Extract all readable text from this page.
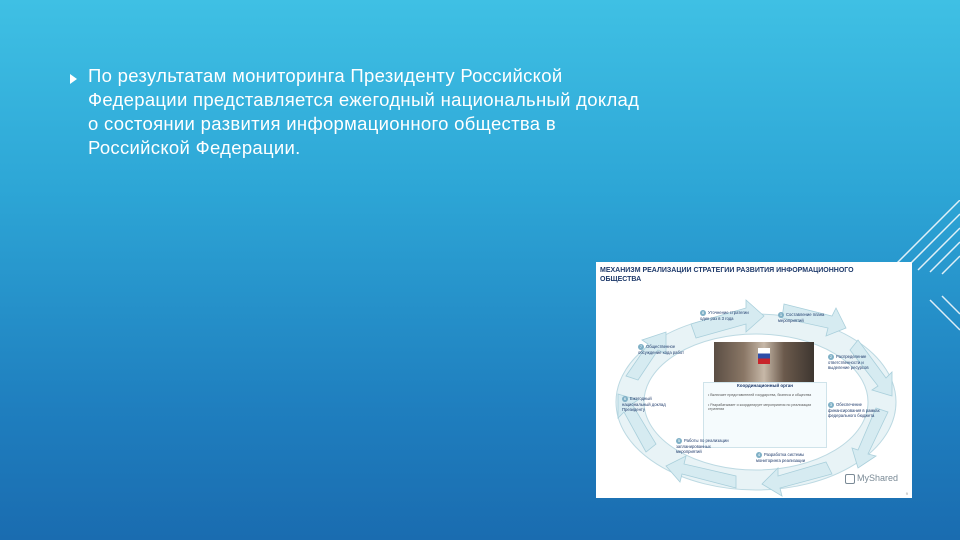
По результатам мониторинга Президенту Российской
Федерации представляется ежегодный национальный доклад
о состоянии развития информационного общества в
Российской Федерации.
МЕХАНИЗМ РЕАЛИЗАЦИИ СТРАТЕГИИ РАЗВИТИЯ ИНФОРМАЦИОННОГО
ОБЩЕСТВА
Координационный орган
• Включает представителей государства, бизнеса и общества
• Разрабатывает и координирует мероприятия по реализации стратегии
1 Составление плана мероприятий
2 Распределение ответственности и выделение ресурсов
3 Обеспечение финансирования в рамках федерального бюджета
4 Разработка системы мониторинга реализации
5 Работы по реализации запланированных мероприятий
6 Ежегодный национальный доклад Президенту
7 Общественное обсуждение хода работ
8 Уточнение стратегии один раз в 3 года
MyShared
9
